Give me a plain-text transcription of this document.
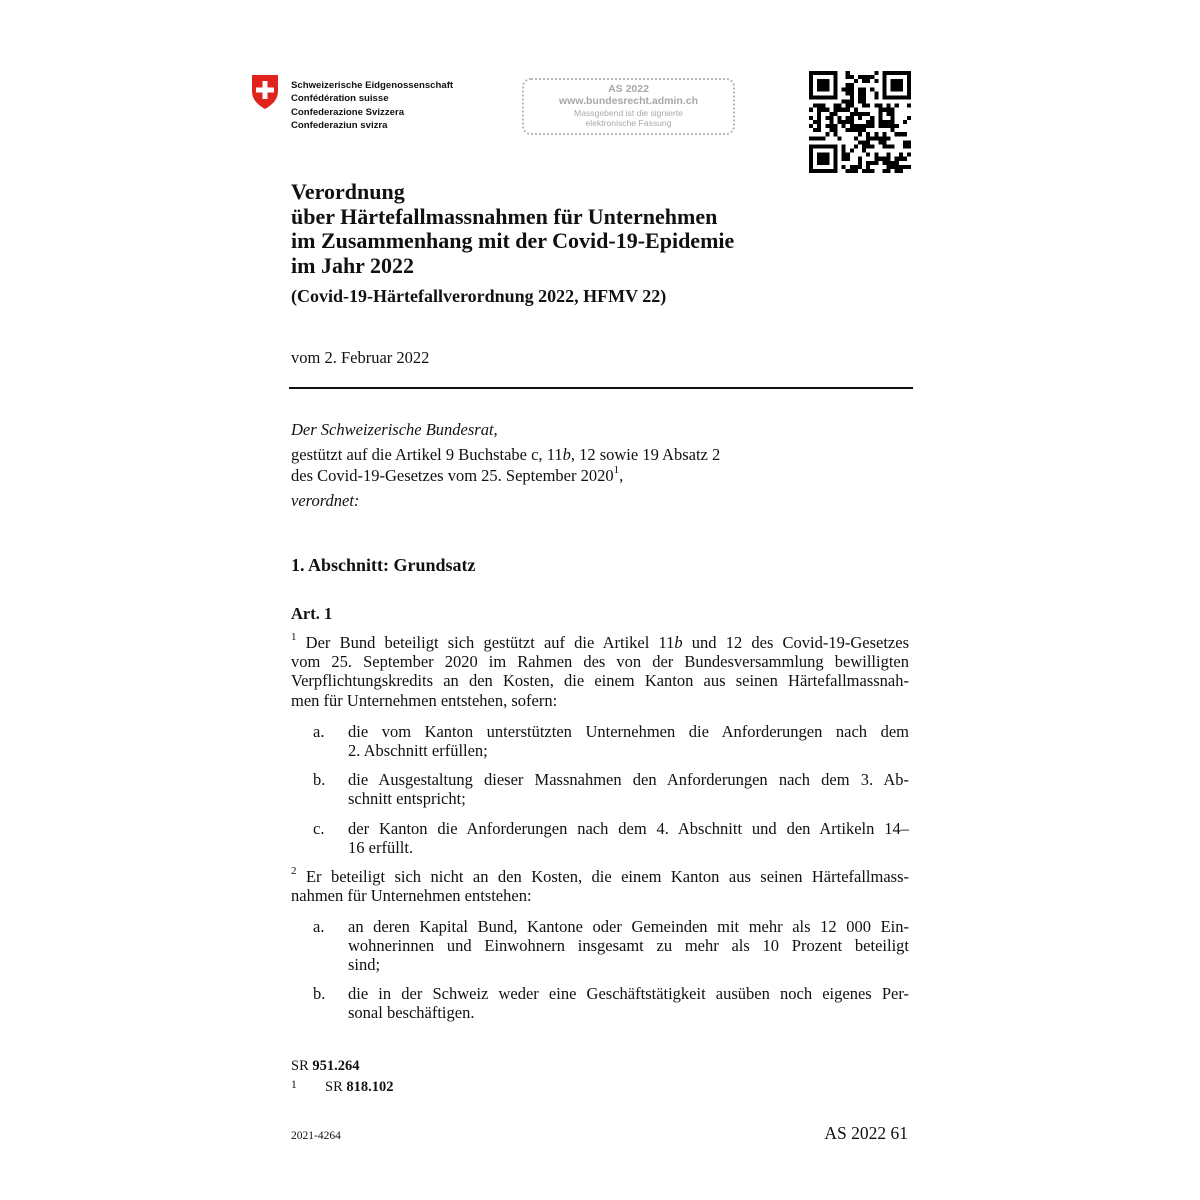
Schweizerische Eidgenossenschaft
Confédération suisse
Confederazione Svizzera
Confederaziun svizra
AS 2022
www.bundesrecht.admin.ch
Massgebend ist die signierte
elektronische Fassung
Verordnung
über Härtefallmassnahmen für Unternehmen
im Zusammenhang mit der Covid-19-Epidemie
im Jahr 2022
(Covid-19-Härtefallverordnung 2022, HFMV 22)
vom 2. Februar 2022
Der Schweizerische Bundesrat,
gestützt auf die Artikel 9 Buchstabe c, 11b, 12 sowie 19 Absatz 2
des Covid-19-Gesetzes vom 25. September 2020$^1$,
verordnet:
1. Abschnitt: Grundsatz
Art. 1
$^1$ Der Bund beteiligt sich gestützt auf die Artikel 11b und 12 des Covid-19-Gesetzes
vom 25. September 2020 im Rahmen des von der Bundesversammlung bewilligten
Verpflichtungskredits an den Kosten, die einem Kanton aus seinen Härtefallmassnah-
men für Unternehmen entstehen, sofern:
a. die vom Kanton unterstützten Unternehmen die Anforderungen nach dem
2. Abschnitt erfüllen;
b. die Ausgestaltung dieser Massnahmen den Anforderungen nach dem 3. Ab-
schnitt entspricht;
c. der Kanton die Anforderungen nach dem 4. Abschnitt und den Artikeln 14–
16 erfüllt.
$^2$ Er beteiligt sich nicht an den Kosten, die einem Kanton aus seinen Härtefallmass-
nahmen für Unternehmen entstehen:
a. an deren Kapital Bund, Kantone oder Gemeinden mit mehr als 12 000 Ein-
wohnerinnen und Einwohnern insgesamt zu mehr als 10 Prozent beteiligt
sind;
b. die in der Schweiz weder eine Geschäftstätigkeit ausüben noch eigenes Per-
sonal beschäftigen.
SR 951.264
$^1$ SR 818.102
2021-4264	AS 2022 61
